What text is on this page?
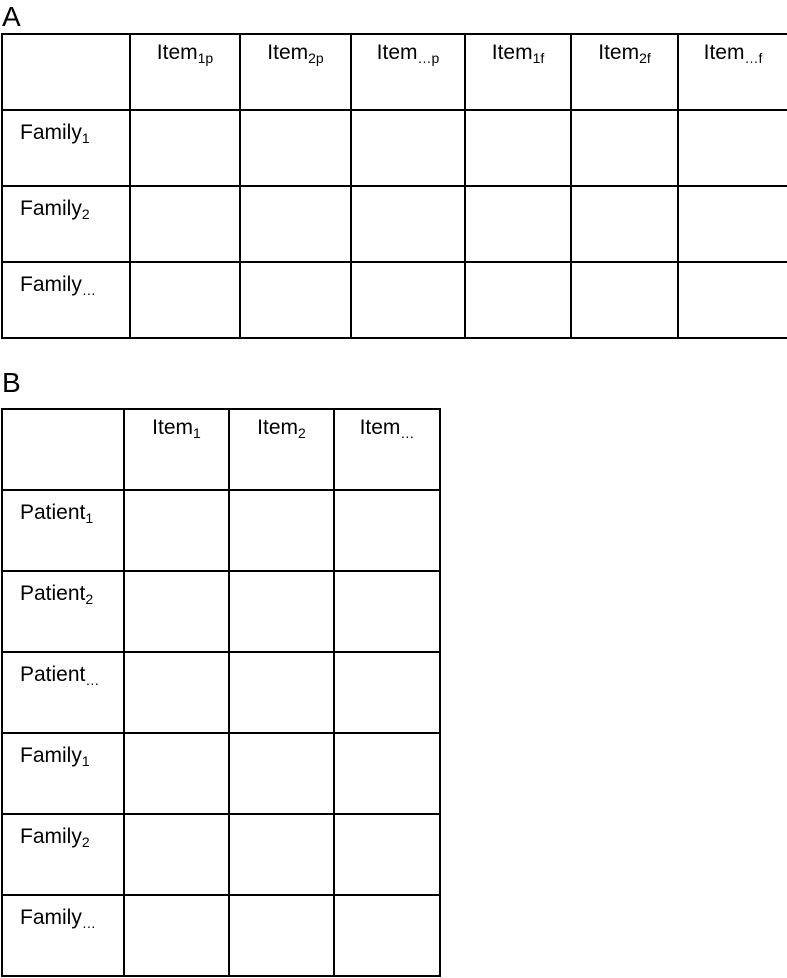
A
	Item$_{1p}$	Item$_{2p}$	Item$_{\dots p}$	Item$_{1f}$	Item$_{2f}$	Item$_{\dots f}$
Family$_1$						
Family$_2$						
Family$_\dots$						
B
	Item$_1$	Item$_2$	Item$_\dots$
Patient$_1$			
Patient$_2$			
Patient$_\dots$			
Family$_1$			
Family$_2$			
Family$_\dots$			
